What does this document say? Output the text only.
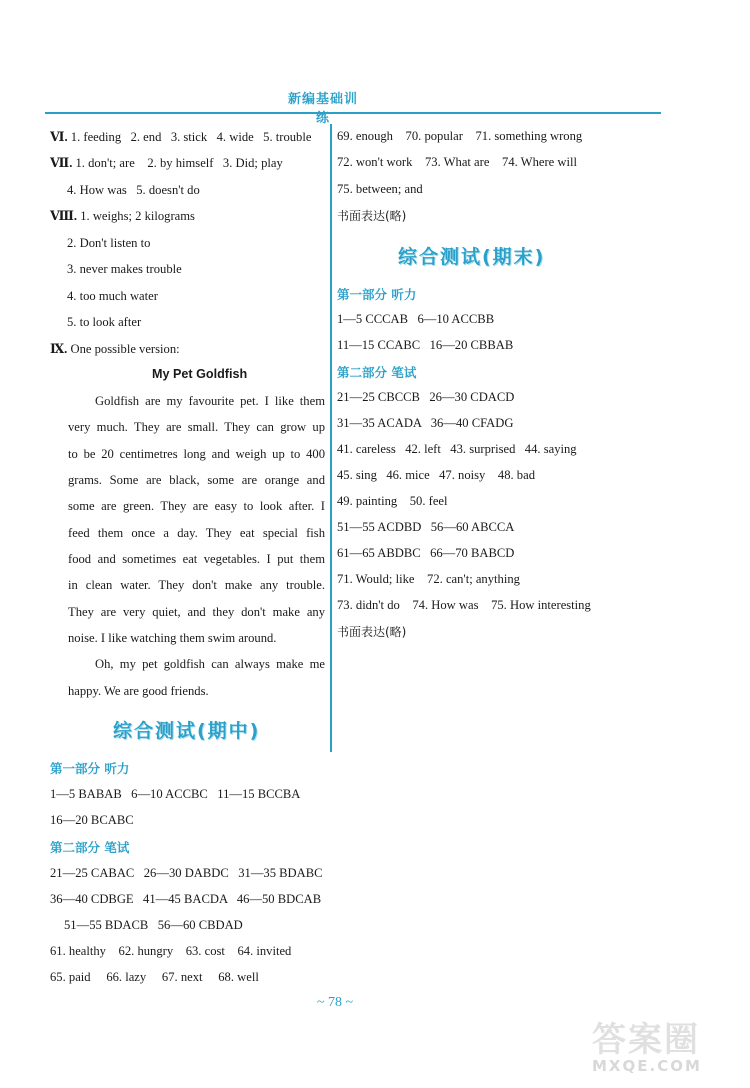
新编基础训练
Ⅵ. 1. feeding   2. end   3. stick   4. wide   5. trouble
Ⅶ. 1. don't; are    2. by himself   3. Did; play
4. How was   5. doesn't do
Ⅷ. 1. weighs; 2 kilograms
2. Don't listen to
3. never makes trouble
4. too much water
5. to look after
Ⅸ. One possible version:
My Pet Goldfish
Goldfish are my favourite pet. I like them
very much. They are small. They can grow up
to be 20 centimetres long and weigh up to 400
grams. Some are black, some are orange and
some are green. They are easy to look after. I
feed them once a day. They eat special fish
food and sometimes eat vegetables. I put them
in clean water. They don't make any trouble.
They are very quiet, and they don't make any
noise. I like watching them swim around.
Oh, my pet goldfish can always make me
happy. We are good friends.
综合测试(期中)
第一部分 听力
1—5 BABAB   6—10 ACCBC   11—15 BCCBA
16—20 BCABC
第二部分 笔试
21—25 CABAC   26—30 DABDC   31—35 BDABC
36—40 CDBGE   41—45 BACDA   46—50 BDCAB
51—55 BDACB   56—60 CBDAD
61. healthy    62. hungry    63. cost    64. invited
65. paid     66. lazy     67. next     68. well
69. enough    70. popular    71. something wrong
72. won't work    73. What are    74. Where will
75. between; and
书面表达(略)
综合测试(期末)
第一部分 听力
1—5 CCCAB   6—10 ACCBB
11—15 CCABC   16—20 CBBAB
第二部分 笔试
21—25 CBCCB   26—30 CDACD
31—35 ACADA   36—40 CFADG
41. careless   42. left   43. surprised   44. saying
45. sing   46. mice   47. noisy    48. bad
49. painting    50. feel
51—55 ACDBD   56—60 ABCCA
61—65 ABDBC   66—70 BABCD
71. Would; like    72. can't; anything
73. didn't do    74. How was    75. How interesting
书面表达(略)
~ 78 ~
答案圈
MXQE.COM
